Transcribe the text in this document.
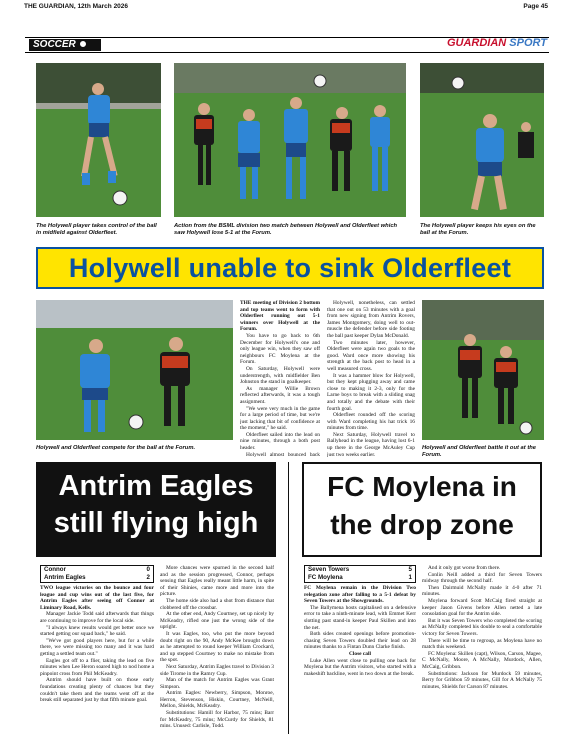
THE GUARDIAN, 12th March 2026	Page 45
SOCCER	GUARDIAN SPORT
The Holywell player takes control of the ball in midfield against Olderfleet.
Action from the BSML division two match between Holywell and Olderfleet which saw Holywell lose 5-1 at the Forum.
The Holywell player keeps his eyes on the ball at the Forum.
Holywell unable to sink Olderfleet
Holywell and Olderfleet compete for the ball at the Forum.	Holywell and Olderfleet battle it out at the Forum.

THE meeting of Division 2 bottom and top teams went to form with Olderfleet running out 5-1 winners over Holywell at the Forum.

You have to go back to 6th December for Holywell's one and only league win, when they saw off neighbours FC Moylena at the Forum.

On Saturday, Holywell were understrength, with midfielder Ben Johnston the stand in goalkeeper.

As manager Willie Brown reflected afterwards, it was a tough assignment.

"We were very much in the game for a large period of time, but we're just lacking that bit of confidence at the moment," he said.

Olderfleet sailed into the lead on nine minutes, through a both post header.

Holywell almost bounced back

Holywell, nonetheless, can settled that one out on 53 minutes with a goal from new signing from Antrim Rovers, James Montgomery, doing well to out-muscle the defender before side footing the ball past keeper Dylan McDonald.

Two minutes later, however, Olderfleet were again two goals to the good. Ward once more showing his strength at the back post to head in a well measured cross.

It was a hammer blow for Holywell, but they kept plugging away and came close to making it 2-3, only for the Larne boys to break with a sliding snag and totally and the debate with their fourth goal.

Olderfleet rounded off the scoring with Ward completing his hat trick 16 minutes from time.

Next Saturday, Holywell travel to Ballyhead in the league, having lost 6-1 up there in the George McAuley Cup just two weeks earlier.

Antrim Eagles still flying high
Connor	0
Antrim Eagles	2

TWO league victories on the bounce and four league and cup wins out of the last five, for Antrim Eagles after seeing off Connor at Liminary Road, Kells.

Manager Jackie Todd said afterwards that things are continuing to improve for the local side.

"I always knew results would get better once we started getting our squad back," he said.

"We've got good players here, but for a while there, we were missing too many and it was hard getting a settled team out."

Eagles got off to a flier, taking the lead on five minutes when Lee Heron soared high to nod home a pinpoint cross from Phil McKeadry.

Antrim should have built on those early foundations creating plenty of chances but they couldn't take them and the teams went off at the break still separated just by that fifth minute goal.

More chances were spurned in the second half and as the session progressed, Connor, perhaps sensing that Eagles really meant little harm, in spite of their Shinies, came more and more into the picture.

The home side also had a shot from distance that clobbered off the crossbar.

At the other end, Andy Courtney, set up nicely by McKeadry, rifled one just the wrong side of the upright.

It was Eagles, too, who put the more beyond doubt right on the 90, Andy McKee brought down as he attempted to round keeper William Crockard, and up stepped Courtney to make no mistake from the spot.

Next Saturday, Antrim Eagles travel to Division 3 side Tirome in the Ramry Cup.

Man of the match for Antrim Eagles was Grant Simpson.

Antrim Eagles: Newberry, Simpson, Monroe, Herron, Stevenson, Hiskin, Courtney, McNeill, Mellon, Shields, McKeadry.

Substitutions: Hamill for Harbor, 75 mins; Barr for McKeadry, 75 mins; McCurdy for Shields, 81 mins. Unused: Carlisle, Todd.

FC Moylena in the drop zone
Seven Towers	5
FC Moylena	1

FC Moylena remain in the Division Two relegation zone after falling to a 5-1 defeat by Seven Towers at the Showgrounds.

The Ballymena hosts capitalised on a defensive error to take a ninth-minute lead, with Emmet Kerr slotting past stand-in keeper Paul Skillen and into the net.

Both sides created openings before promotion-chasing Seven Towers doubled their lead on 28 minutes thanks to a Fintan Dunn Clarke finish.

Close call

Luke Allen went close to pulling one back for Moylena but the Antrim visitors, who started with a makeshift backline, went in two down at the break.

And it only got worse from there.

Conlin Neill added a third for Seven Towers midway through the second half.

Then Dairmuid McNally made it 4-0 after 71 minutes.

Moylena forward Scott McCaig fired straight at keeper Jason Givens before Allen netted a late consolation goal for the Antrim side.

But it was Seven Towers who completed the scoring as McNally completed his double to seal a comfortable victory for Seven Towers.

There will be time to regroup, as Moylena have no match this weekend.

FC Moylena: Skillen (capt), Wilson, Carson, Magee, C McNally, Moore, A McNally, Murdock, Allen, McCaig, Gribbon.

Substitutions: Jackson for Murdock 59 minutes, Berry for Gribbon 59 minutes, Gill for A McNally 75 minutes, Shields for Carson 87 minutes.
